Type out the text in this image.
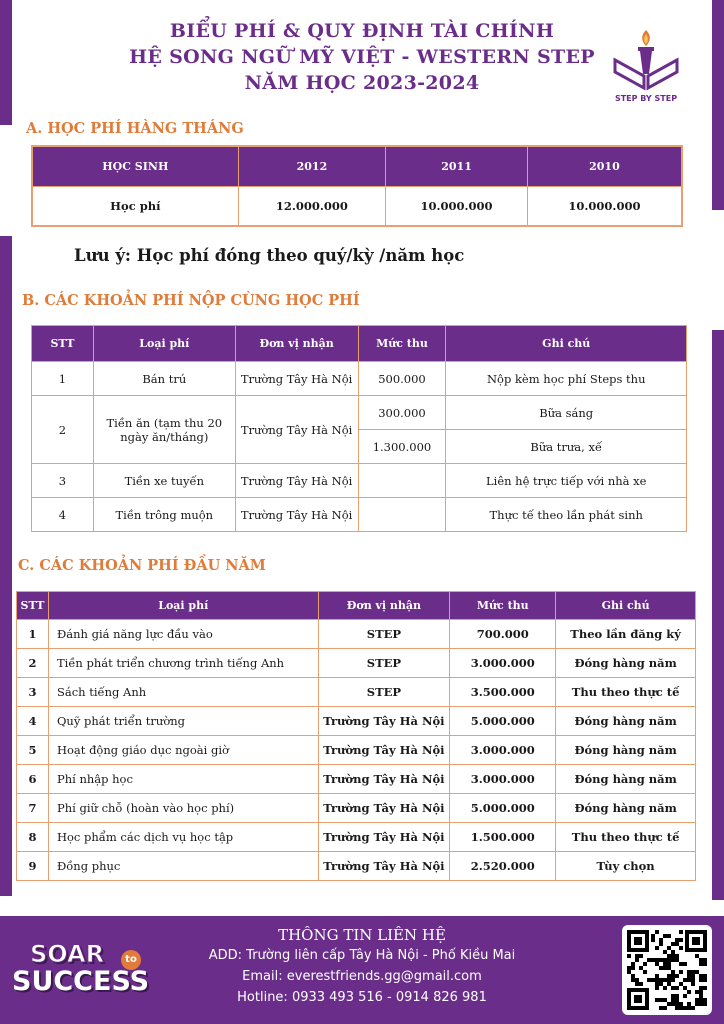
BIỂU PHÍ & QUY ĐỊNH TÀI CHÍNH
HỆ SONG NGỮ MỸ VIỆT - WESTERN STEP
NĂM HỌC 2023-2024
STEP BY STEP
A. HỌC PHÍ HÀNG THÁNG
HỌC SINH	2012	2011	2010
Học phí	12.000.000	10.000.000	10.000.000
Lưu ý: Học phí đóng theo quý/kỳ /năm học
B. CÁC KHOẢN PHÍ NỘP CÙNG HỌC PHÍ
STT	Loại phí	Đơn vị nhận	Mức thu	Ghi chú
1	Bán trú	Trường Tây Hà Nội	500.000	Nộp kèm học phí Steps thu
2	Tiền ăn (tạm thu 20 ngày ăn/tháng)	Trường Tây Hà Nội	300.000	Bữa sáng
			1.300.000	Bữa trưa, xế
3	Tiền xe tuyến	Trường Tây Hà Nội		Liên hệ trực tiếp với nhà xe
4	Tiền trông muộn	Trường Tây Hà Nội		Thực tế theo lần phát sinh
C. CÁC KHOẢN PHÍ ĐẦU NĂM
STT	Loại phí	Đơn vị nhận	Mức thu	Ghi chú
1	Đánh giá năng lực đầu vào	STEP	700.000	Theo lần đăng ký
2	Tiền phát triển chương trình tiếng Anh	STEP	3.000.000	Đóng hàng năm
3	Sách tiếng Anh	STEP	3.500.000	Thu theo thực tế
4	Quỹ phát triển trường	Trường Tây Hà Nội	5.000.000	Đóng hàng năm
5	Hoạt động giáo dục ngoài giờ	Trường Tây Hà Nội	3.000.000	Đóng hàng năm
6	Phí nhập học	Trường Tây Hà Nội	3.000.000	Đóng hàng năm
7	Phí giữ chỗ (hoàn vào học phí)	Trường Tây Hà Nội	5.000.000	Đóng hàng năm
8	Học phẩm các dịch vụ học tập	Trường Tây Hà Nội	1.500.000	Thu theo thực tế
9	Đồng phục	Trường Tây Hà Nội	2.520.000	Tùy chọn
THÔNG TIN LIÊN HỆ
ADD: Trường liên cấp Tây Hà Nội - Phố Kiều Mai
Email: everestfriends.gg@gmail.com
Hotline: 0933 493 516 - 0914 826 981
SOAR	to
SUCCESS
